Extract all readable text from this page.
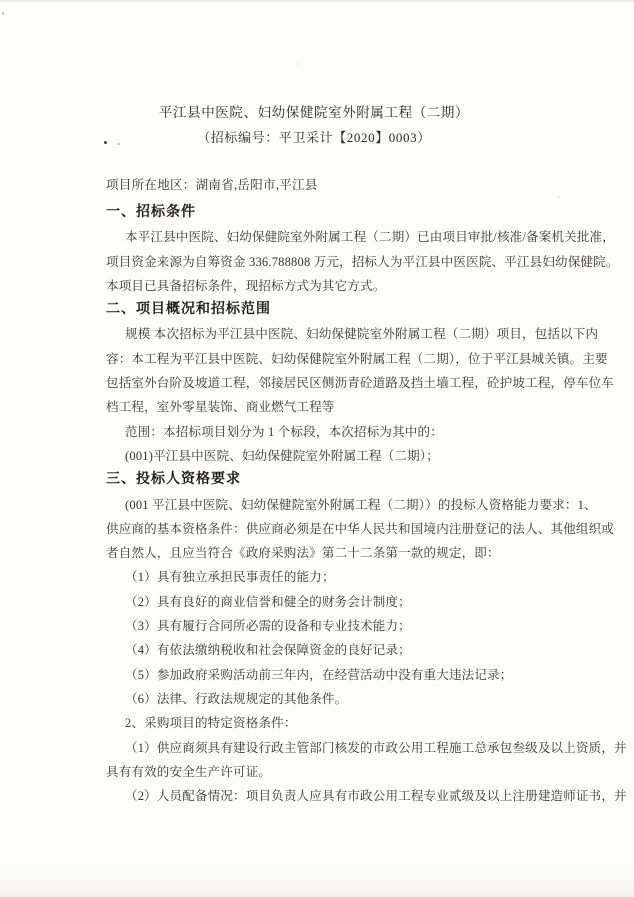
平江县中医院、妇幼保健院室外附属工程（二期）
（招标编号：平卫采计【2020】0003）
项目所在地区：湖南省,岳阳市,平江县
一、招标条件
本平江县中医院、妇幼保健院室外附属工程（二期）已由项目审批/核准/备案机关批准，
项目资金来源为自筹资金 336.788808 万元，招标人为平江县中医医院、平江县妇幼保健院。
本项目已具备招标条件，现招标方式为其它方式。
二、项目概况和招标范围
规模 本次招标为平江县中医院、妇幼保健院室外附属工程（二期）项目，包括以下内
容：本工程为平江县中医院、妇幼保健院室外附属工程（二期），位于平江县城关镇。主要
包括室外台阶及坡道工程，邻接居民区侧沥青砼道路及挡土墙工程，砼护坡工程，停车位车
档工程，室外零星装饰、商业燃气工程等
范围：本招标项目划分为 1 个标段，本次招标为其中的：
(001)平江县中医院、妇幼保健院室外附属工程（二期）；
三、投标人资格要求
(001 平江县中医院、妇幼保健院室外附属工程（二期））的投标人资格能力要求：1、
供应商的基本资格条件：供应商必须是在中华人民共和国境内注册登记的法人、其他组织或
者自然人，且应当符合《政府采购法》第二十二条第一款的规定，即：
（1）具有独立承担民事责任的能力；
（2）具有良好的商业信誉和健全的财务会计制度；
（3）具有履行合同所必需的设备和专业技术能力；
（4）有依法缴纳税收和社会保障资金的良好记录；
（5）参加政府采购活动前三年内，在经营活动中没有重大违法记录；
（6）法律、行政法规规定的其他条件。
2、采购项目的特定资格条件：
（1）供应商须具有建设行政主管部门核发的市政公用工程施工总承包叁级及以上资质，并
具有有效的安全生产许可证。
（2）人员配备情况：项目负责人应具有市政公用工程专业贰级及以上注册建造师证书，并
